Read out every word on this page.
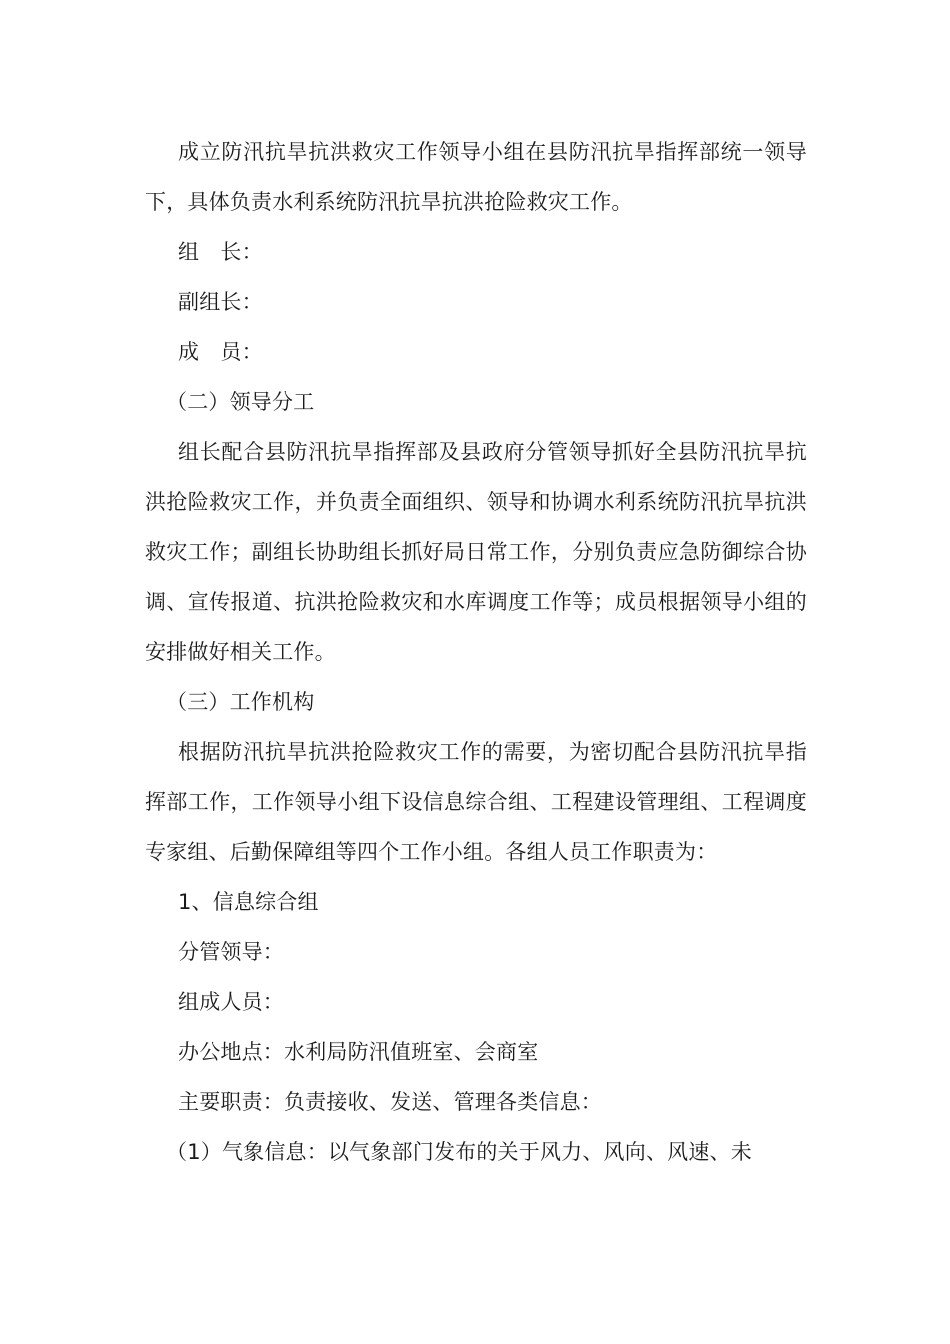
成立防汛抗旱抗洪救灾工作领导小组在县防汛抗旱指挥部统一领导下，具体负责水利系统防汛抗旱抗洪抢险救灾工作。

组　长：

副组长：

成　员：

（二）领导分工

组长配合县防汛抗旱指挥部及县政府分管领导抓好全县防汛抗旱抗洪抢险救灾工作，并负责全面组织、领导和协调水利系统防汛抗旱抗洪救灾工作；副组长协助组长抓好局日常工作，分别负责应急防御综合协调、宣传报道、抗洪抢险救灾和水库调度工作等；成员根据领导小组的安排做好相关工作。

（三）工作机构

根据防汛抗旱抗洪抢险救灾工作的需要，为密切配合县防汛抗旱指挥部工作，工作领导小组下设信息综合组、工程建设管理组、工程调度专家组、后勤保障组等四个工作小组。各组人员工作职责为：

1、信息综合组

分管领导：

组成人员：

办公地点：水利局防汛值班室、会商室

主要职责：负责接收、发送、管理各类信息：

（1）气象信息：以气象部门发布的关于风力、风向、风速、未
